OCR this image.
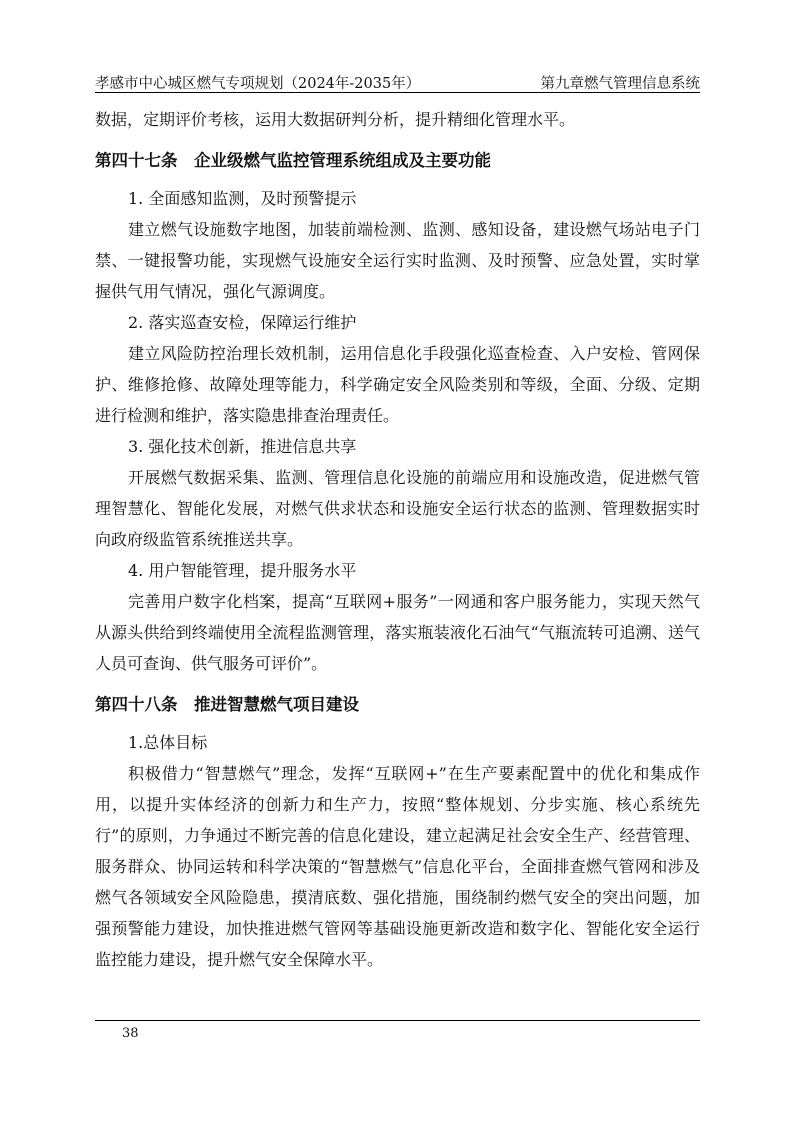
孝感市中心城区燃气专项规划（2024年-2035年）	第九章燃气管理信息系统

数据，定期评价考核，运用大数据研判分析，提升精细化管理水平。

第四十七条　企业级燃气监控管理系统组成及主要功能

1. 全面感知监测，及时预警提示

建立燃气设施数字地图，加装前端检测、监测、感知设备，建设燃气场站电子门禁、一键报警功能，实现燃气设施安全运行实时监测、及时预警、应急处置，实时掌握供气用气情况，强化气源调度。

2. 落实巡查安检，保障运行维护

建立风险防控治理长效机制，运用信息化手段强化巡查检查、入户安检、管网保护、维修抢修、故障处理等能力，科学确定安全风险类别和等级，全面、分级、定期进行检测和维护，落实隐患排查治理责任。

3. 强化技术创新，推进信息共享

开展燃气数据采集、监测、管理信息化设施的前端应用和设施改造，促进燃气管理智慧化、智能化发展，对燃气供求状态和设施安全运行状态的监测、管理数据实时向政府级监管系统推送共享。

4. 用户智能管理，提升服务水平

完善用户数字化档案，提高“互联网+服务”一网通和客户服务能力，实现天然气从源头供给到终端使用全流程监测管理，落实瓶装液化石油气“气瓶流转可追溯、送气人员可查询、供气服务可评价”。

第四十八条　推进智慧燃气项目建设

1.总体目标

积极借力“智慧燃气”理念，发挥“互联网+”在生产要素配置中的优化和集成作用，以提升实体经济的创新力和生产力，按照“整体规划、分步实施、核心系统先行”的原则，力争通过不断完善的信息化建设，建立起满足社会安全生产、经营管理、服务群众、协同运转和科学决策的“智慧燃气”信息化平台，全面排查燃气管网和涉及燃气各领域安全风险隐患，摸清底数、强化措施，围绕制约燃气安全的突出问题，加强预警能力建设，加快推进燃气管网等基础设施更新改造和数字化、智能化安全运行监控能力建设，提升燃气安全保障水平。

38
